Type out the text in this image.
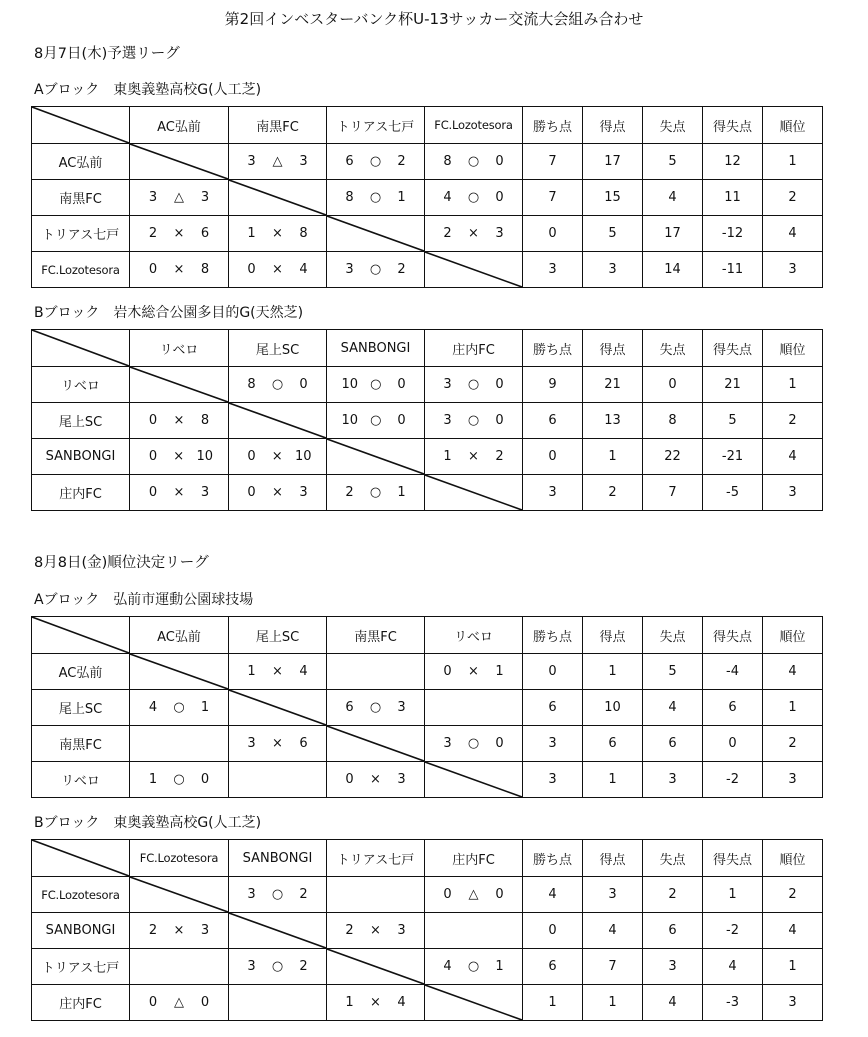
第2回インベスターバンク杯U-13サッカー交流大会組み合わせ
8月7日(木)予選リーグ
Aブロック　東奥義塾高校G(人工芝)
	AC弘前	南黒FC	トリアス七戸	FC.Lozotesora	勝ち点	得点	失点	得失点	順位
AC弘前		3 △ 3	6 ○ 2	8 ○ 0	7	17	5	12	1
南黒FC	3 △ 3		8 ○ 1	4 ○ 0	7	15	4	11	2
トリアス七戸	2 × 6	1 × 8		2 × 3	0	5	17	-12	4
FC.Lozotesora	0 × 8	0 × 4	3 ○ 2		3	3	14	-11	3
Bブロック　岩木総合公園多目的G(天然芝)
	リベロ	尾上SC	SANBONGI	庄内FC	勝ち点	得点	失点	得失点	順位
リベロ		8 ○ 0	10 ○ 0	3 ○ 0	9	21	0	21	1
尾上SC	0 × 8		10 ○ 0	3 ○ 0	6	13	8	5	2
SANBONGI	0 × 10	0 × 10		1 × 2	0	1	22	-21	4
庄内FC	0 × 3	0 × 3	2 ○ 1		3	2	7	-5	3
8月8日(金)順位決定リーグ
Aブロック　弘前市運動公園球技場
	AC弘前	尾上SC	南黒FC	リベロ	勝ち点	得点	失点	得失点	順位
AC弘前		1 × 4		0 × 1	0	1	5	-4	4
尾上SC	4 ○ 1		6 ○ 3		6	10	4	6	1
南黒FC		3 × 6		3 ○ 0	3	6	6	0	2
リベロ	1 ○ 0		0 × 3		3	1	3	-2	3
Bブロック　東奥義塾高校G(人工芝)
	FC.Lozotesora	SANBONGI	トリアス七戸	庄内FC	勝ち点	得点	失点	得失点	順位
FC.Lozotesora		3 ○ 2		0 △ 0	4	3	2	1	2
SANBONGI	2 × 3		2 × 3		0	4	6	-2	4
トリアス七戸		3 ○ 2		4 ○ 1	6	7	3	4	1
庄内FC	0 △ 0		1 × 4		1	1	4	-3	3
